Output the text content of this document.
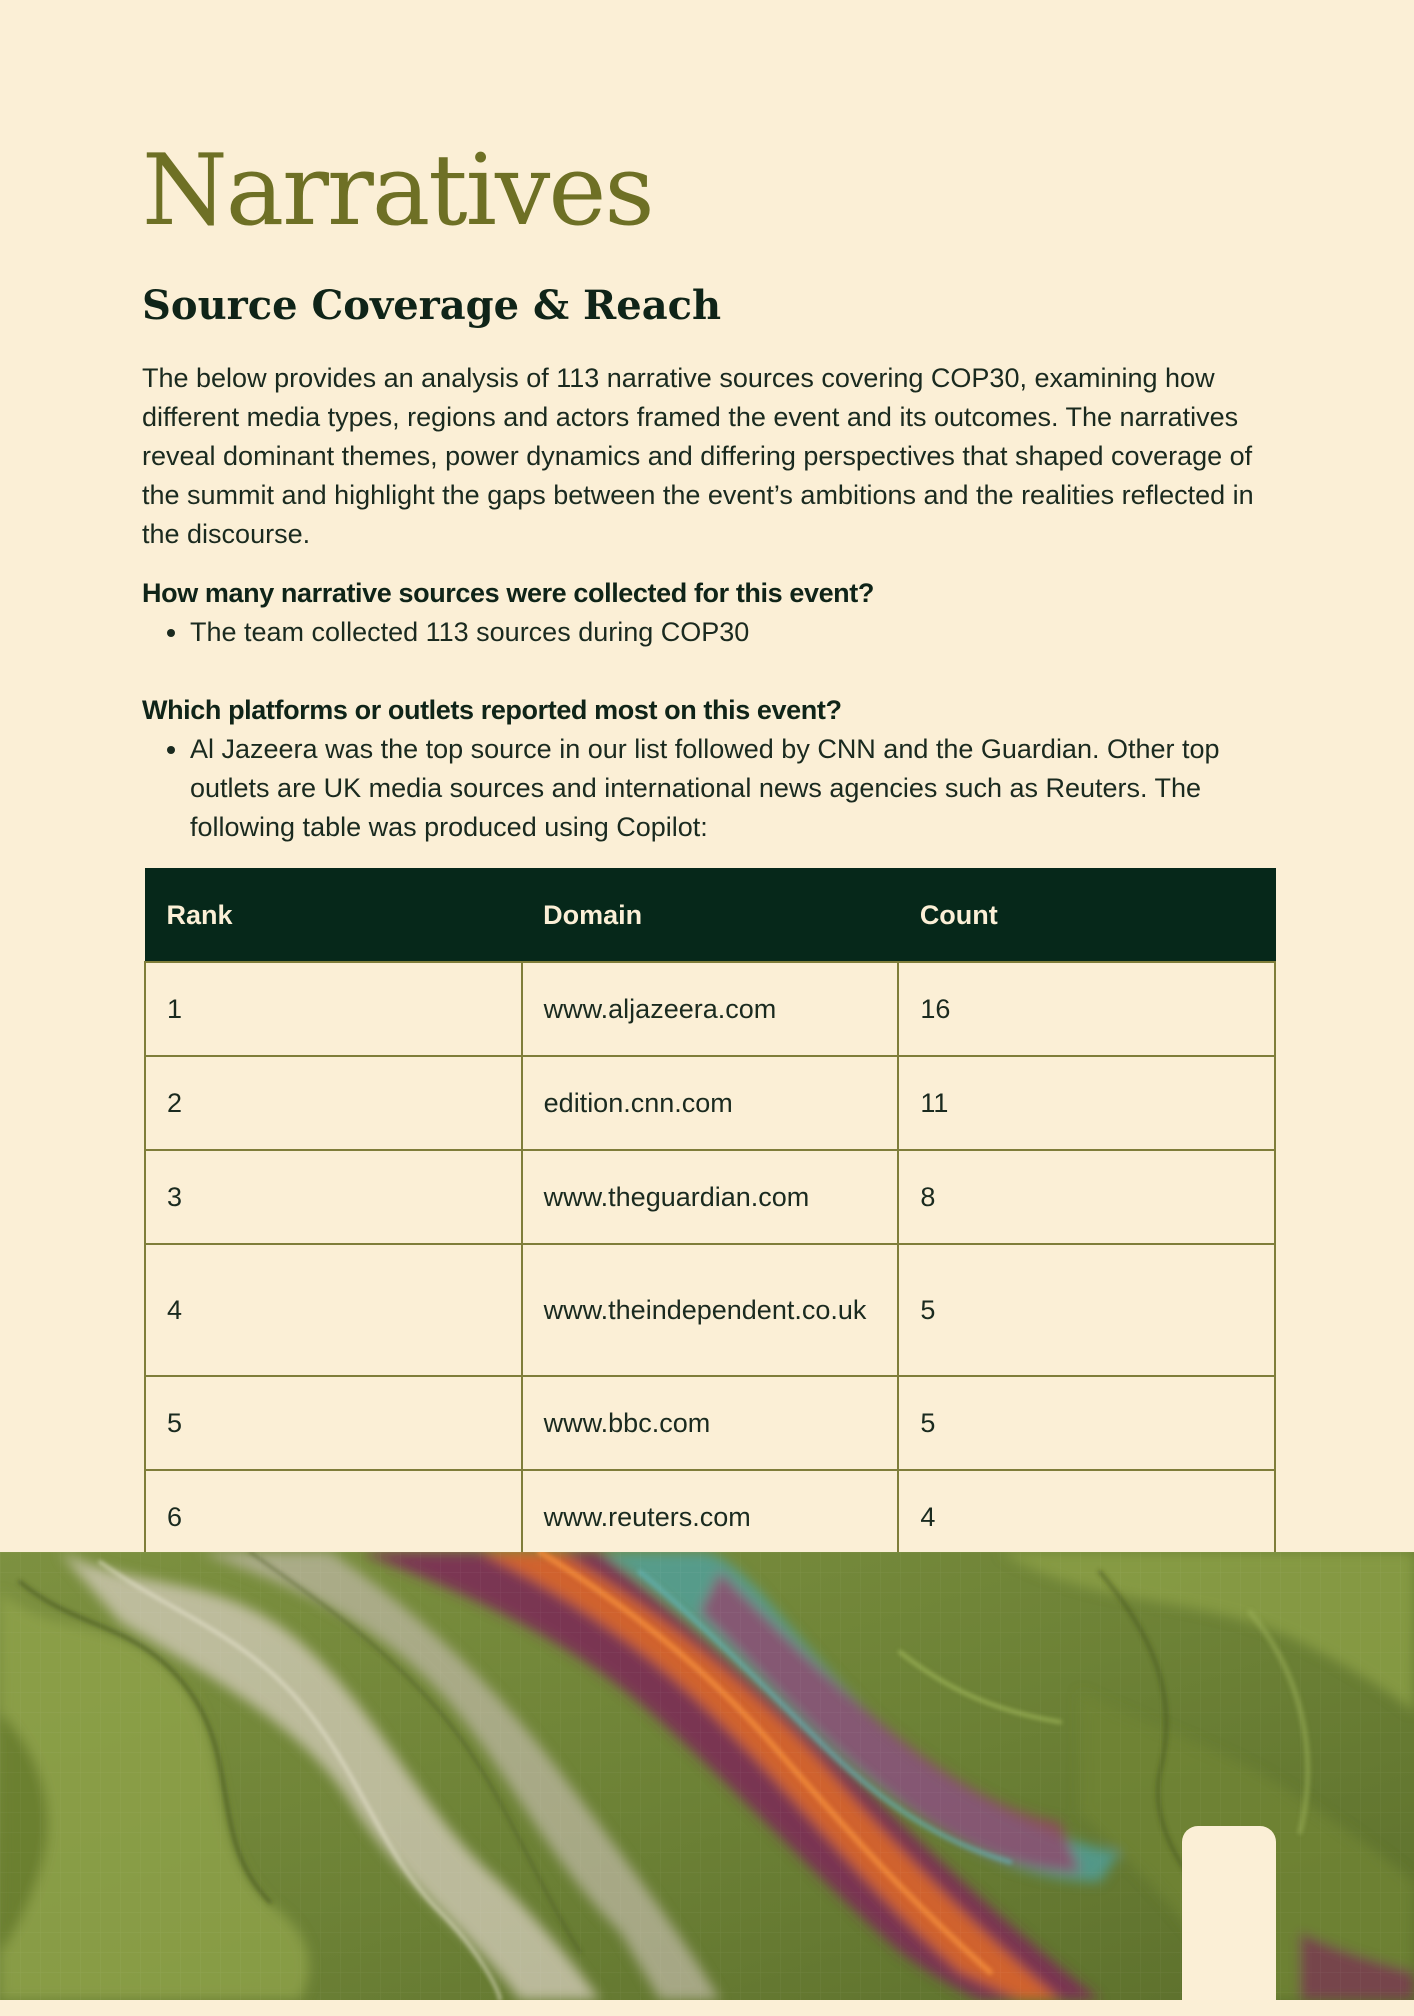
Narratives
Source Coverage & Reach

The below provides an analysis of 113 narrative sources covering COP30, examining how different media types, regions and actors framed the event and its outcomes. The narratives reveal dominant themes, power dynamics and differing perspectives that shaped coverage of the summit and highlight the gaps between the event’s ambitions and the realities reflected in the discourse.

How many narrative sources were collected for this event?

• The team collected 113 sources during COP30

Which platforms or outlets reported most on this event?

• Al Jazeera was the top source in our list followed by CNN and the Guardian. Other top outlets are UK media sources and international news agencies such as Reuters. The following table was produced using Copilot:
Rank	Domain	Count
1	www.aljazeera.com	16
2	edition.cnn.com	11
3	www.theguardian.com	8
4	www.theindependent.co.uk	5
5	www.bbc.com	5
6	www.reuters.com	4
